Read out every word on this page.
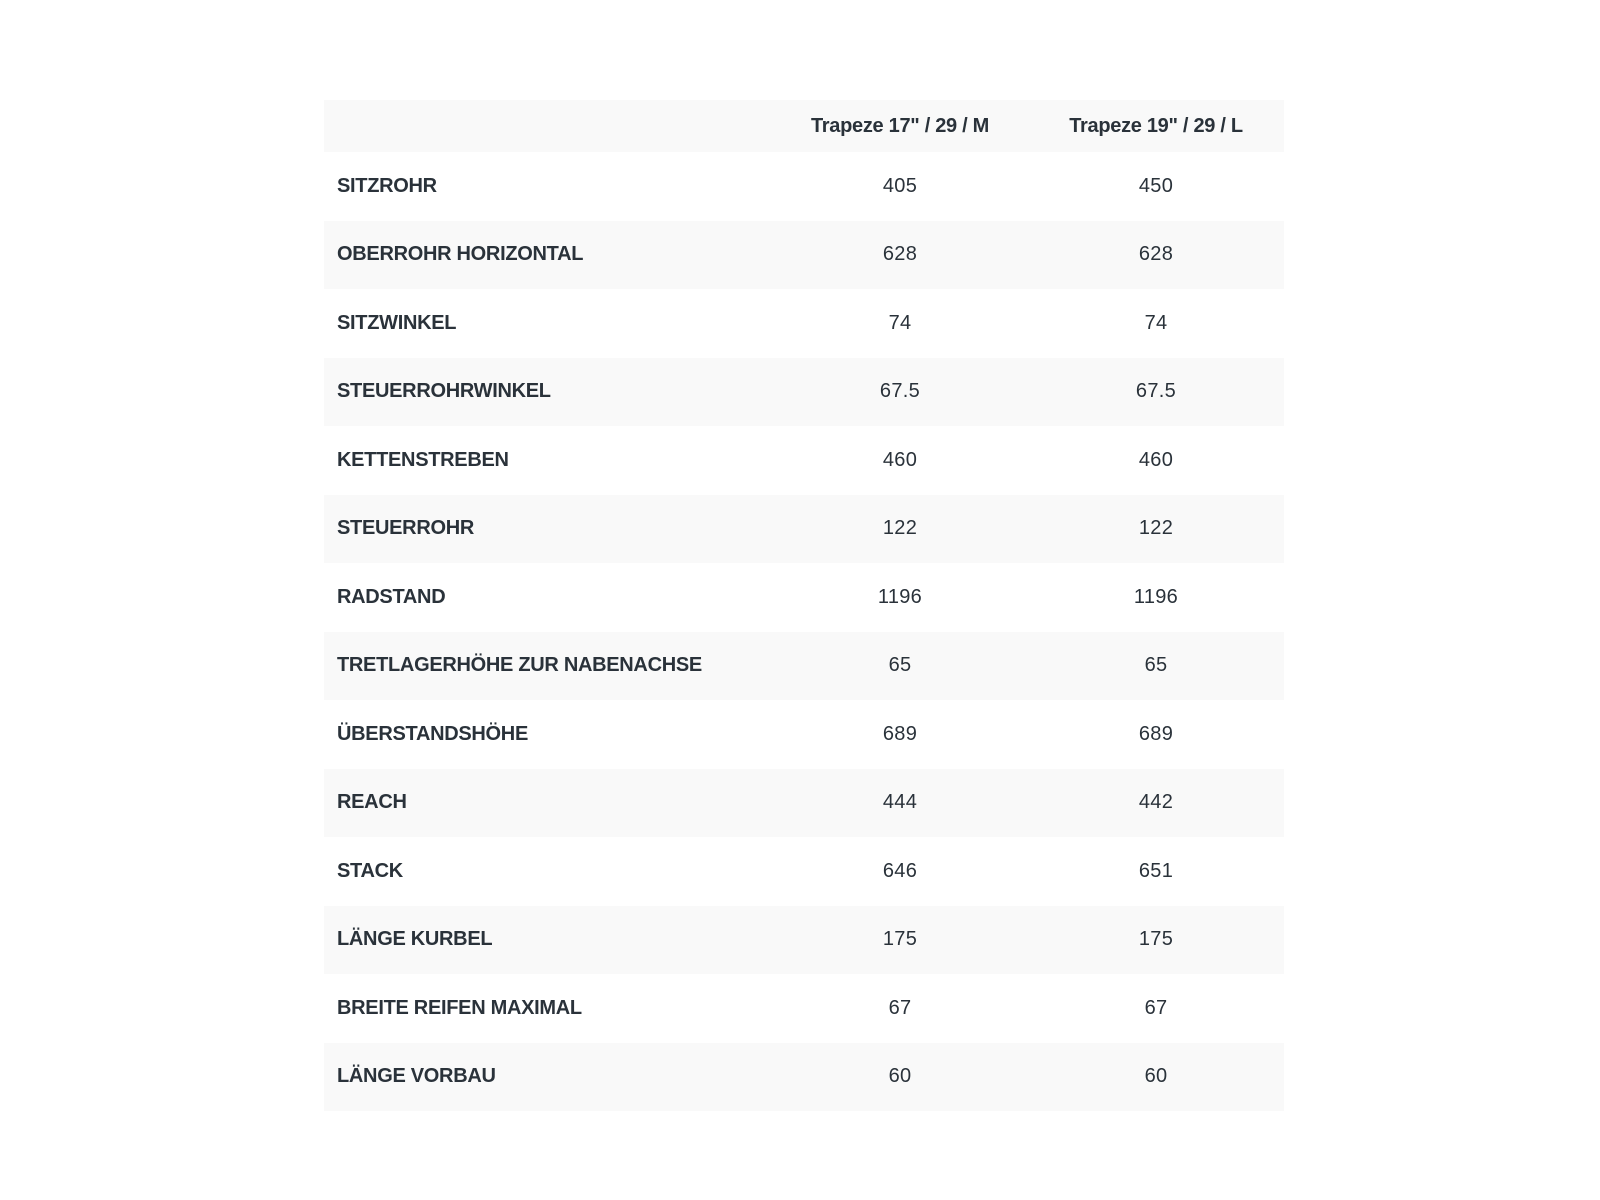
	Trapeze 17" / 29 / M	Trapeze 19" / 29 / L
SITZROHR	405	450
OBERROHR HORIZONTAL	628	628
SITZWINKEL	74	74
STEUERROHRWINKEL	67.5	67.5
KETTENSTREBEN	460	460
STEUERROHR	122	122
RADSTAND	1196	1196
TRETLAGERHÖHE ZUR NABENACHSE	65	65
ÜBERSTANDSHÖHE	689	689
REACH	444	442
STACK	646	651
LÄNGE KURBEL	175	175
BREITE REIFEN MAXIMAL	67	67
LÄNGE VORBAU	60	60
